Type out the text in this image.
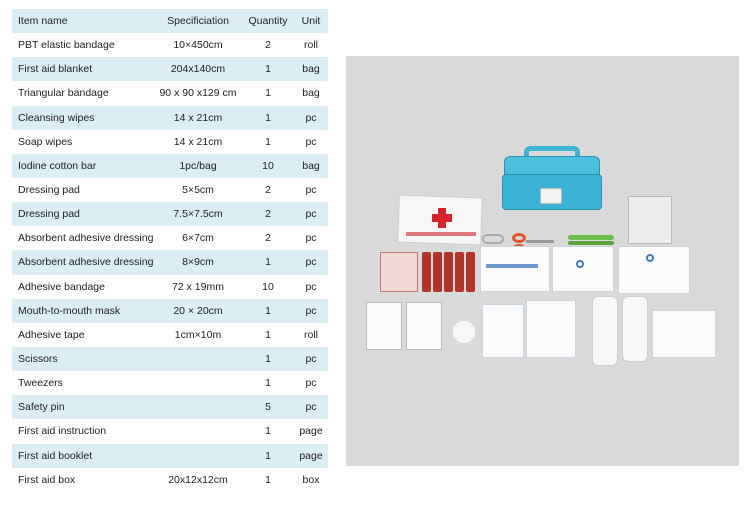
Item name	Specificiation	Quantity	Unit
PBT elastic bandage	10×450cm	2	roll
First aid blanket	204x140cm	1	bag
Triangular bandage	90 x 90 x129 cm	1	bag
Cleansing wipes	14 x 21cm	1	pc
Soap wipes	14 x 21cm	1	pc
Iodine cotton bar	1pc/bag	10	bag
Dressing pad	5×5cm	2	pc
Dressing pad	7.5×7.5cm	2	pc
Absorbent adhesive dressing	6×7cm	2	pc
Absorbent adhesive dressing	8×9cm	1	pc
Adhesive bandage	72 x 19mm	10	pc
Mouth-to-mouth mask	20 × 20cm	1	pc
Adhesive tape	1cm×10m	1	roll
Scissors		1	pc
Tweezers		1	pc
Safety pin		5	pc
First aid instruction		1	page
First aid booklet		1	page
First aid box	20x12x12cm	1	box
